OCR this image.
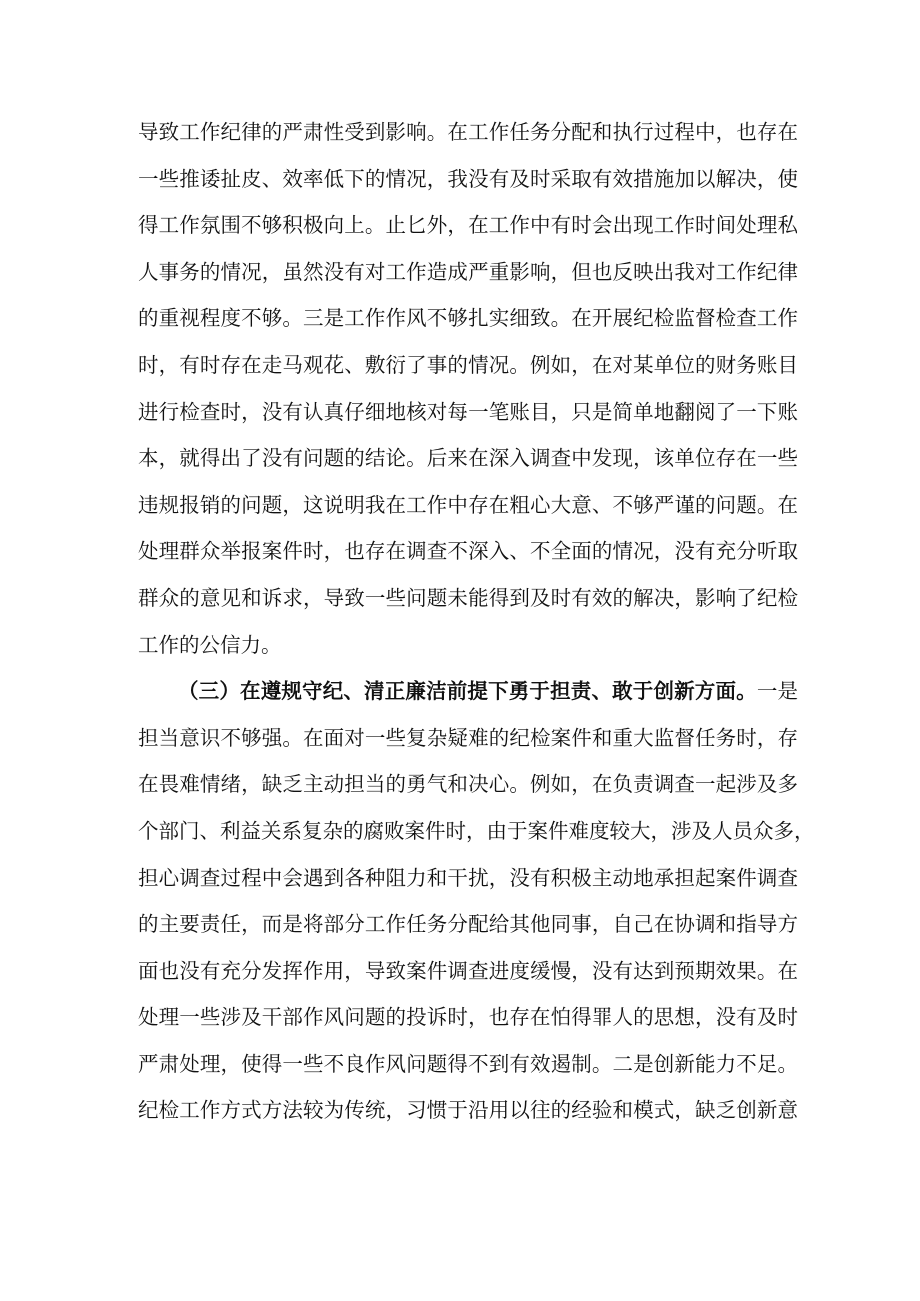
导致工作纪律的严肃性受到影响。在工作任务分配和执行过程中，也存在
一些推诿扯皮、效率低下的情况，我没有及时采取有效措施加以解决，使
得工作氛围不够积极向上。止匕外，在工作中有时会出现工作时间处理私
人事务的情况，虽然没有对工作造成严重影响，但也反映出我对工作纪律
的重视程度不够。三是工作作风不够扎实细致。在开展纪检监督检查工作
时，有时存在走马观花、敷衍了事的情况。例如，在对某单位的财务账目
进行检查时，没有认真仔细地核对每一笔账目，只是简单地翻阅了一下账
本，就得出了没有问题的结论。后来在深入调查中发现，该单位存在一些
违规报销的问题，这说明我在工作中存在粗心大意、不够严谨的问题。在
处理群众举报案件时，也存在调查不深入、不全面的情况，没有充分听取
群众的意见和诉求，导致一些问题未能得到及时有效的解决，影响了纪检
工作的公信力。
（三）在遵规守纪、清正廉洁前提下勇于担责、敢于创新方面。一是
担当意识不够强。在面对一些复杂疑难的纪检案件和重大监督任务时，存
在畏难情绪，缺乏主动担当的勇气和决心。例如，在负责调查一起涉及多
个部门、利益关系复杂的腐败案件时，由于案件难度较大，涉及人员众多，
担心调查过程中会遇到各种阻力和干扰，没有积极主动地承担起案件调查
的主要责任，而是将部分工作任务分配给其他同事，自己在协调和指导方
面也没有充分发挥作用，导致案件调查进度缓慢，没有达到预期效果。在
处理一些涉及干部作风问题的投诉时，也存在怕得罪人的思想，没有及时
严肃处理，使得一些不良作风问题得不到有效遏制。二是创新能力不足。
纪检工作方式方法较为传统，习惯于沿用以往的经验和模式，缺乏创新意
